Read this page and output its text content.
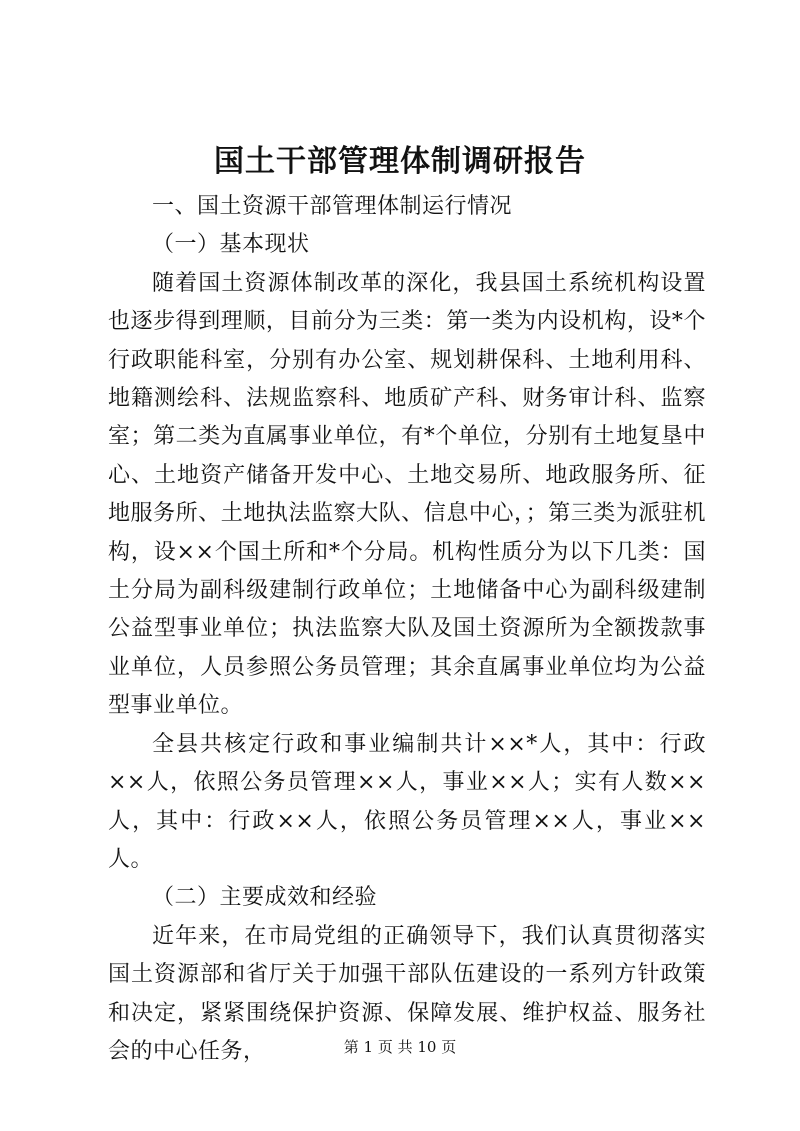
国土干部管理体制调研报告

一、国土资源干部管理体制运行情况

（一）基本现状

随着国土资源体制改革的深化，我县国土系统机构设置也逐步得到理顺，目前分为三类：第一类为内设机构，设*个行政职能科室，分别有办公室、规划耕保科、土地利用科、地籍测绘科、法规监察科、地质矿产科、财务审计科、监察室；第二类为直属事业单位，有*个单位，分别有土地复垦中心、土地资产储备开发中心、土地交易所、地政服务所、征地服务所、土地执法监察大队、信息中心，；第三类为派驻机构，设××个国土所和*个分局。机构性质分为以下几类：国土分局为副科级建制行政单位；土地储备中心为副科级建制公益型事业单位；执法监察大队及国土资源所为全额拨款事业单位，人员参照公务员管理；其余直属事业单位均为公益型事业单位。

全县共核定行政和事业编制共计××*人，其中：行政××人，依照公务员管理××人，事业××人；实有人数××人，其中：行政××人，依照公务员管理××人，事业××人。

（二）主要成效和经验

近年来，在市局党组的正确领导下，我们认真贯彻落实国土资源部和省厅关于加强干部队伍建设的一系列方针政策和决定，紧紧围绕保护资源、保障发展、维护权益、服务社会的中心任务，	第 1 页 共 10 页
